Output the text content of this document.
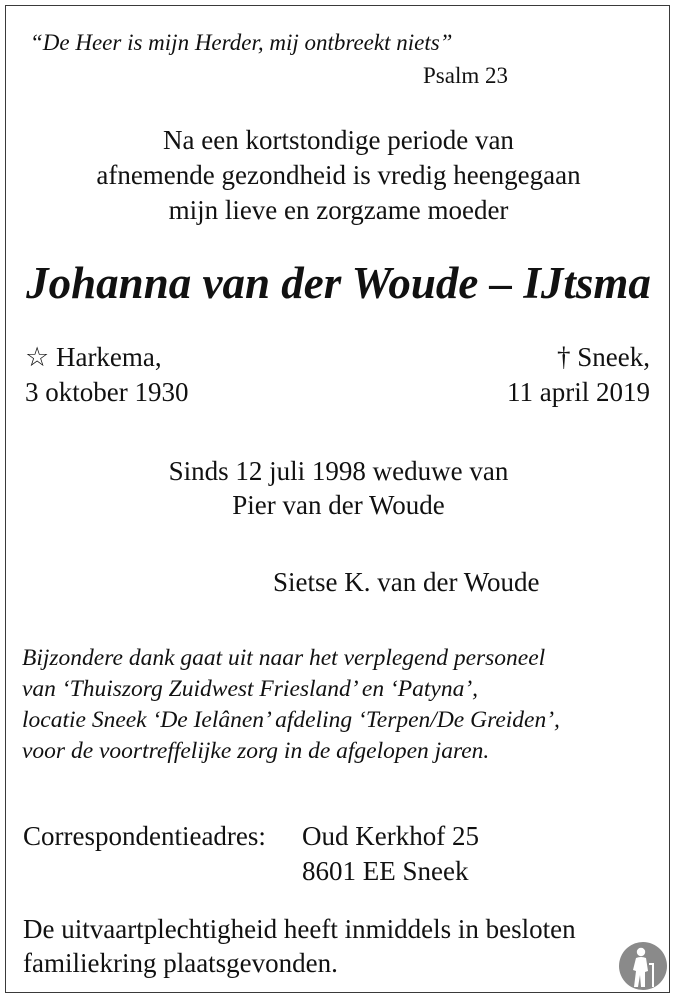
“De Heer is mijn Herder, mij ontbreekt niets”
Psalm 23
Na een kortstondige periode van
afnemende gezondheid is vredig heengegaan
mijn lieve en zorgzame moeder
Johanna van der Woude – IJtsma
☆ Harkema,
3 oktober 1930
† Sneek,
11 april 2019
Sinds 12 juli 1998 weduwe van
Pier van der Woude
Sietse K. van der Woude
Bijzondere dank gaat uit naar het verplegend personeel
van ‘Thuiszorg Zuidwest Friesland’ en ‘Patyna’,
locatie Sneek ‘De Ielânen’ afdeling ‘Terpen/De Greiden’,
voor de voortreffelijke zorg in de afgelopen jaren.
Correspondentieadres: Oud Kerkhof 25
8601 EE Sneek
De uitvaartplechtigheid heeft inmiddels in besloten
familiekring plaatsgevonden.
